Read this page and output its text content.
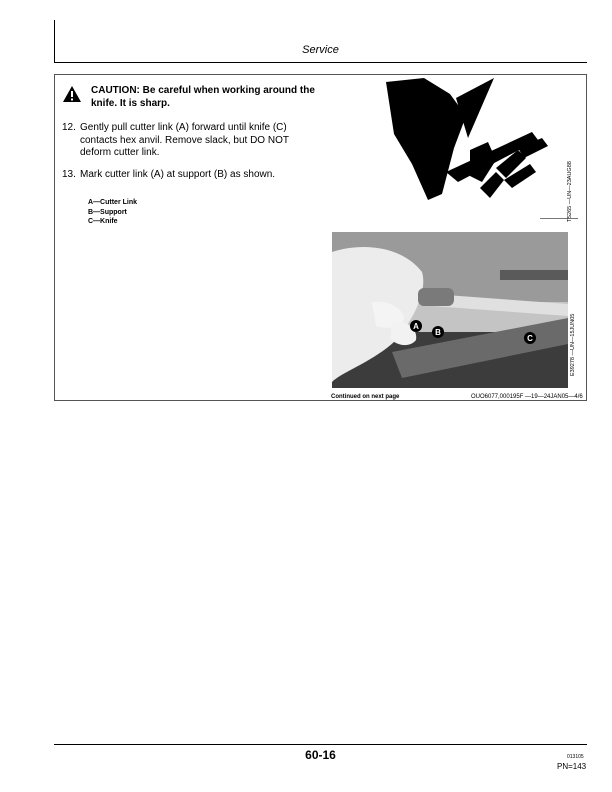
Service
CAUTION: Be careful when working around the knife. It is sharp.
12. Gently pull cutter link (A) forward until knife (C) contacts hex anvil. Remove slack, but DO NOT deform cutter link.
13. Mark cutter link (A) at support (B) as shown.
A—Cutter Link
B—Support
C—Knife	TS265 —UN—23AUG88
A
B
C	E39278 —UN—15JUN05
Continued on next page	OUO6077,000195F —19—24JAN05—4/6
60-16	013105
PN=143
